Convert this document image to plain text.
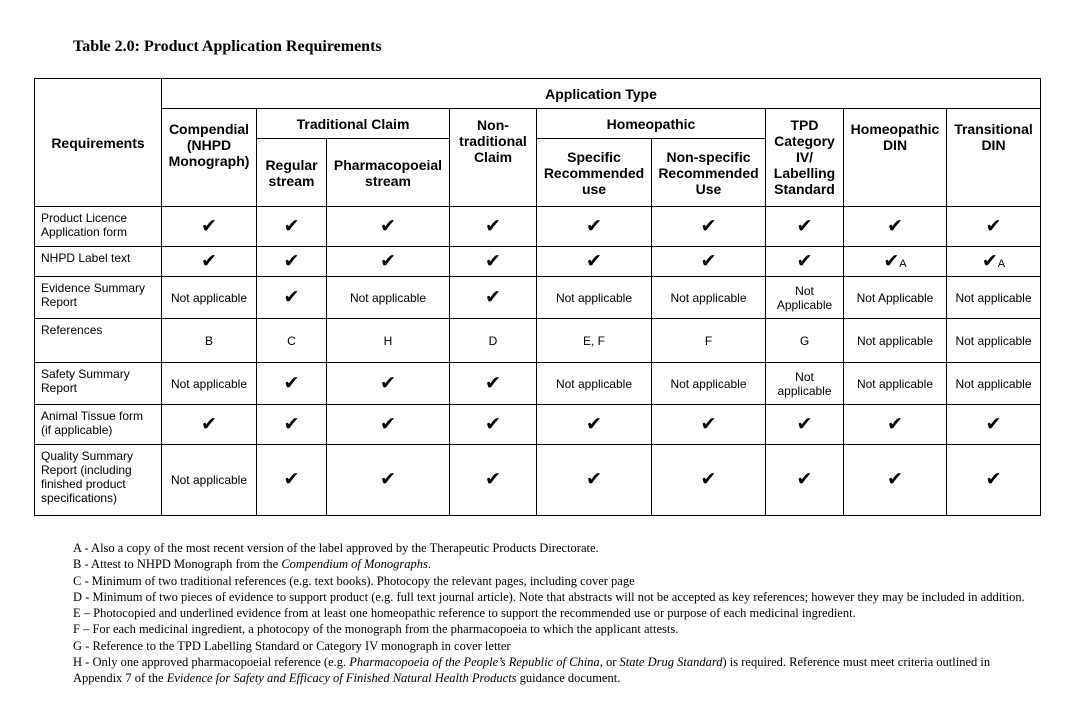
Table 2.0: Product Application Requirements
Requirements	Application Type								
	Compendial (NHPD Monograph)	Traditional Claim		Non-traditional Claim	Homeopathic		TPD Category IV/ Labelling Standard	Homeopathic DIN	Transitional DIN
		Regular stream	Pharmacopoeial stream		Specific Recommended use	Non-specific Recommended Use			
Product Licence Application form	✔	✔	✔	✔	✔	✔	✔	✔	✔
NHPD Label text	✔	✔	✔	✔	✔	✔	✔	✔A	✔A
Evidence Summary Report	Not applicable	✔	Not applicable	✔	Not applicable	Not applicable	Not Applicable	Not Applicable	Not applicable
References	B	C	H	D	E, F	F	G	Not applicable	Not applicable
Safety Summary Report	Not applicable	✔	✔	✔	Not applicable	Not applicable	Not applicable	Not applicable	Not applicable
Animal Tissue form (if applicable)	✔	✔	✔	✔	✔	✔	✔	✔	✔
Quality Summary Report (including finished product specifications)	Not applicable	✔	✔	✔	✔	✔	✔	✔	✔

A - Also a copy of the most recent version of the label approved by the Therapeutic Products Directorate.

B - Attest to NHPD Monograph from the Compendium of Monographs.

C - Minimum of two traditional references (e.g. text books). Photocopy the relevant pages, including cover page

D - Minimum of two pieces of evidence to support product (e.g. full text journal article). Note that abstracts will not be accepted as key references; however they may be included in addition.

E – Photocopied and underlined evidence from at least one homeopathic reference to support the recommended use or purpose of each medicinal ingredient.

F – For each medicinal ingredient, a photocopy of the monograph from the pharmacopoeia to which the applicant attests.

G - Reference to the TPD Labelling Standard or Category IV monograph in cover letter

H - Only one approved pharmacopoeial reference (e.g. Pharmacopoeia of the People’s Republic of China, or State Drug Standard) is required. Reference must meet criteria outlined in Appendix 7 of the Evidence for Safety and Efficacy of Finished Natural Health Products guidance document.
